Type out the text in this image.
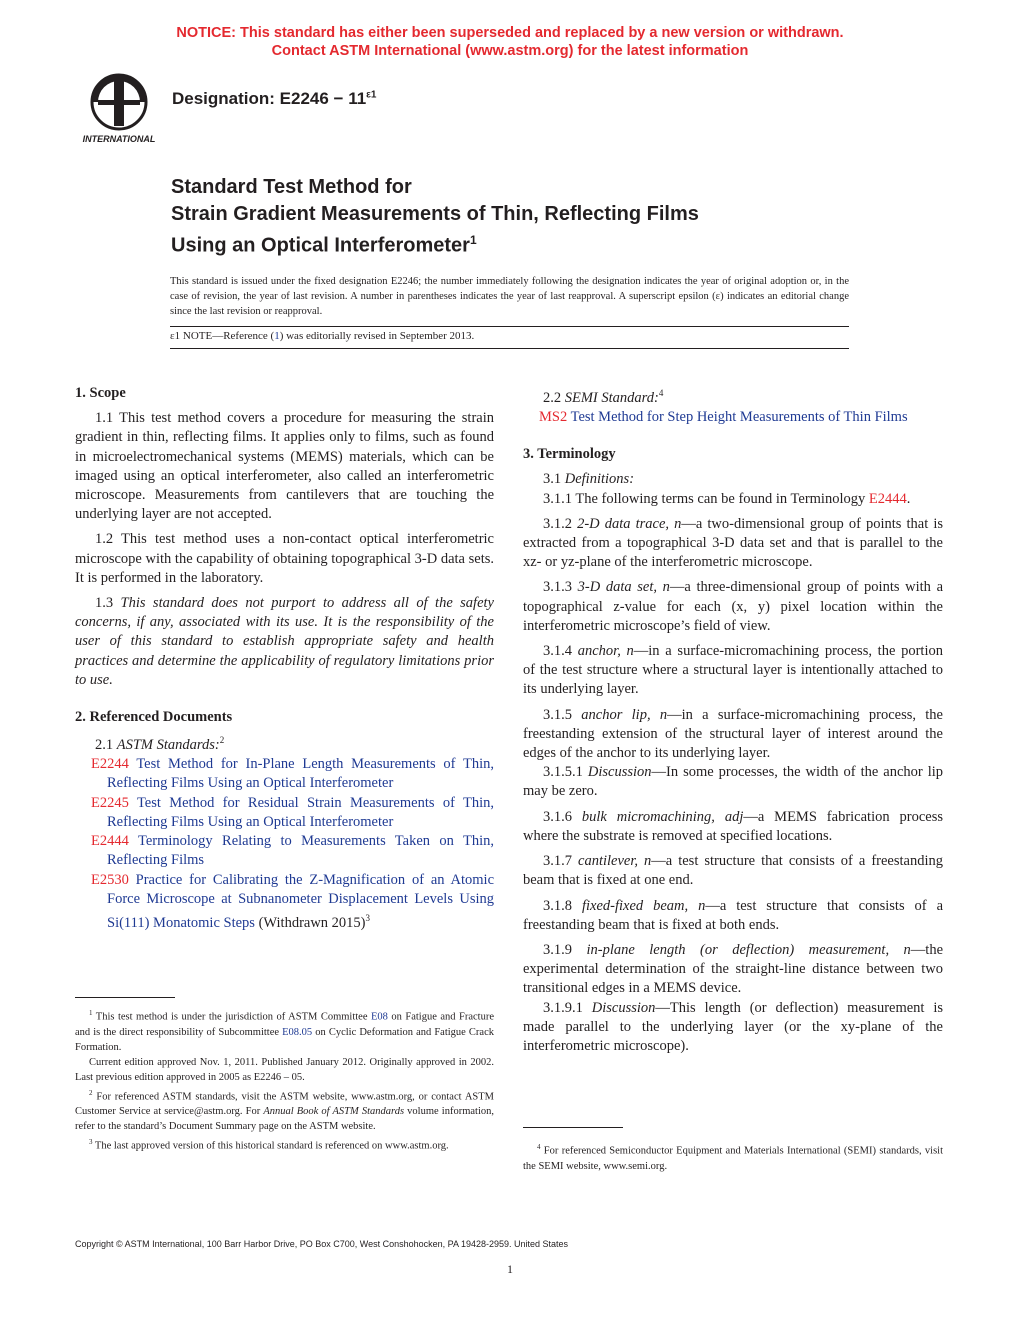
NOTICE: This standard has either been superseded and replaced by a new version or withdrawn.
Contact ASTM International (www.astm.org) for the latest information
INTERNATIONAL
Designation: $E2246 - 11^{\varepsilon 1}$
Standard Test Method for
Strain Gradient Measurements of Thin, Reflecting Films
Using an Optical Interferometer$^1$
This standard is issued under the fixed designation E2246; the number immediately following the designation indicates the year of original adoption or, in the case of revision, the year of last revision. A number in parentheses indicates the year of last reapproval. A superscript epsilon (ε) indicates an editorial change since the last revision or reapproval.
ε1 NOTE—Reference (1) was editorially revised in September 2013.

1. Scope

1.1 This test method covers a procedure for measuring the strain gradient in thin, reflecting films. It applies only to films, such as found in microelectromechanical systems (MEMS) materials, which can be imaged using an optical interferometer, also called an interferometric microscope. Measurements from cantilevers that are touching the underlying layer are not accepted.

1.2 This test method uses a non-contact optical interferometric microscope with the capability of obtaining topographical 3-D data sets. It is performed in the laboratory.

1.3 This standard does not purport to address all of the safety concerns, if any, associated with its use. It is the responsibility of the user of this standard to establish appropriate safety and health practices and determine the applicability of regulatory limitations prior to use.

2. Referenced Documents

2.1 ASTM Standards:$^2$

E2244 Test Method for In-Plane Length Measurements of Thin, Reflecting Films Using an Optical Interferometer

E2245 Test Method for Residual Strain Measurements of Thin, Reflecting Films Using an Optical Interferometer

E2444 Terminology Relating to Measurements Taken on Thin, Reflecting Films

E2530 Practice for Calibrating the Z-Magnification of an Atomic Force Microscope at Subnanometer Displacement Levels Using Si(111) Monatomic Steps (Withdrawn 2015)$^3$

2.2 SEMI Standard:$^4$

MS2 Test Method for Step Height Measurements of Thin Films

3. Terminology

3.1 Definitions:

3.1.1 The following terms can be found in Terminology E2444.

3.1.2 2-D data trace, n—a two-dimensional group of points that is extracted from a topographical 3-D data set and that is parallel to the xz- or yz-plane of the interferometric microscope.

3.1.3 3-D data set, n—a three-dimensional group of points with a topographical z-value for each (x, y) pixel location within the interferometric microscope’s field of view.

3.1.4 anchor, n—in a surface-micromachining process, the portion of the test structure where a structural layer is intentionally attached to its underlying layer.

3.1.5 anchor lip, n—in a surface-micromachining process, the freestanding extension of the structural layer of interest around the edges of the anchor to its underlying layer.

3.1.5.1 Discussion—In some processes, the width of the anchor lip may be zero.

3.1.6 bulk micromachining, adj—a MEMS fabrication process where the substrate is removed at specified locations.

3.1.7 cantilever, n—a test structure that consists of a freestanding beam that is fixed at one end.

3.1.8 fixed-fixed beam, n—a test structure that consists of a freestanding beam that is fixed at both ends.

3.1.9 in-plane length (or deflection) measurement, n—the experimental determination of the straight-line distance between two transitional edges in a MEMS device.

3.1.9.1 Discussion—This length (or deflection) measurement is made parallel to the underlying layer (or the xy-plane of the interferometric microscope).

$^1$ This test method is under the jurisdiction of ASTM Committee E08 on Fatigue and Fracture and is the direct responsibility of Subcommittee E08.05 on Cyclic Deformation and Fatigue Crack Formation.

Current edition approved Nov. 1, 2011. Published January 2012. Originally approved in 2002. Last previous edition approved in 2005 as E2246 – 05.

$^2$ For referenced ASTM standards, visit the ASTM website, www.astm.org, or contact ASTM Customer Service at service@astm.org. For Annual Book of ASTM Standards volume information, refer to the standard’s Document Summary page on the ASTM website.

$^3$ The last approved version of this historical standard is referenced on www.astm.org.	$^4$ For referenced Semiconductor Equipment and Materials International (SEMI) standards, visit the SEMI website, www.semi.org.

Copyright © ASTM International, 100 Barr Harbor Drive, PO Box C700, West Conshohocken, PA 19428-2959. United States
1
